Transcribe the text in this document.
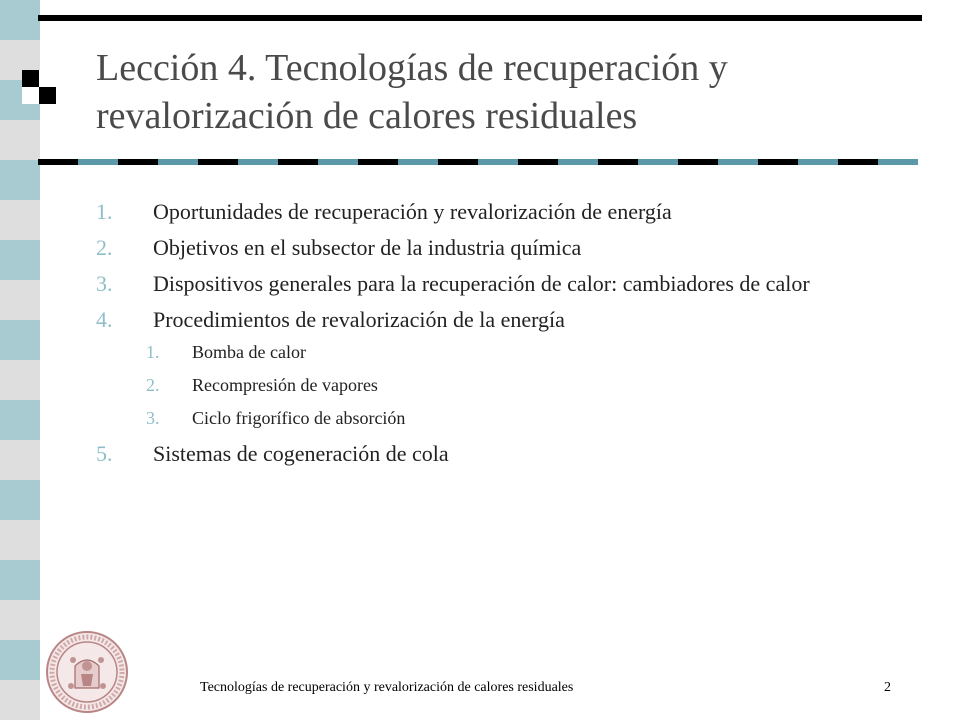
Lección 4. Tecnologías de recuperación y revalorización de calores residuales
1. Oportunidades de recuperación y revalorización de energía
2. Objetivos en el subsector de la industria química
3. Dispositivos generales para la recuperación de calor: cambiadores de calor
4. Procedimientos de revalorización de la energía
1. Bomba de calor
2. Recompresión de vapores
3. Ciclo frigorífico de absorción
5. Sistemas de cogeneración de cola
Tecnologías de recuperación y revalorización de calores residuales	2
